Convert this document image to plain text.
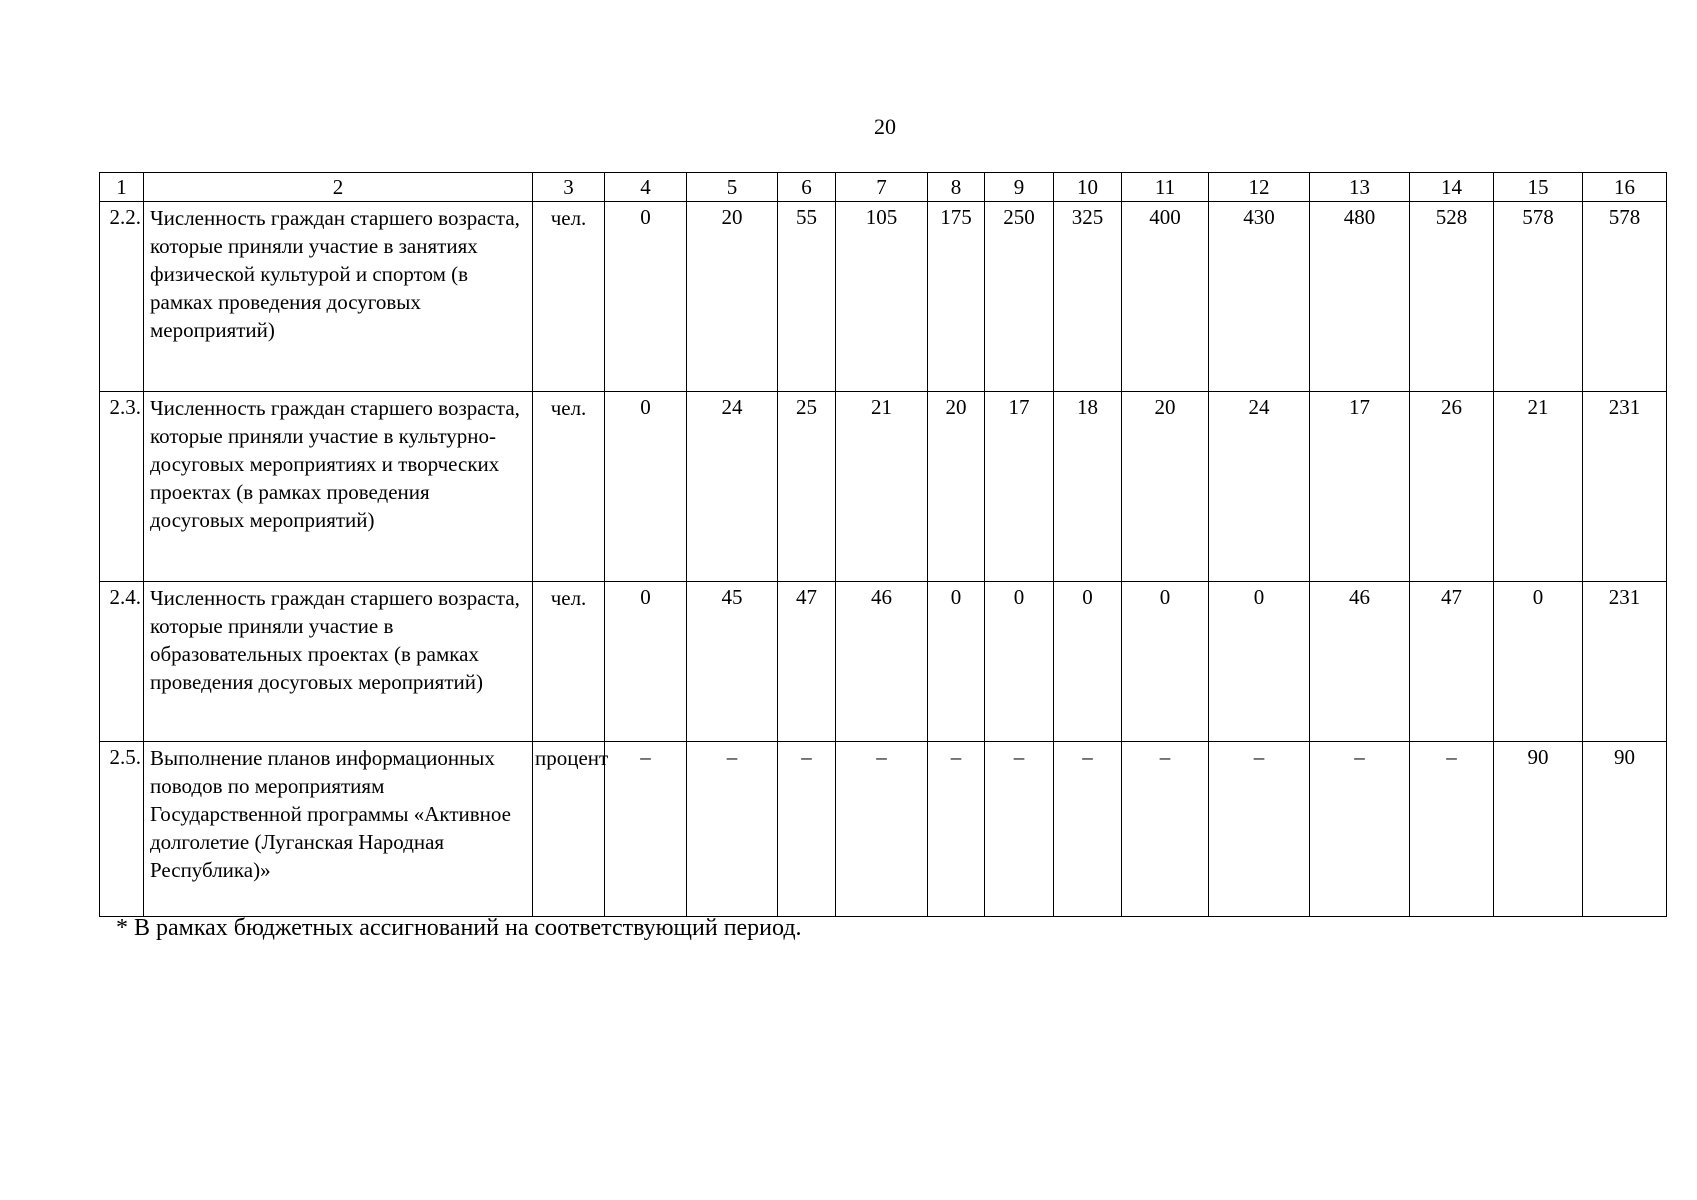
20
1	2	3	4	5	6	7	8	9	10	11	12	13	14	15	16
2.2.	Численность граждан старшего возраста, которые приняли участие в занятиях физической культурой и спортом (в рамках проведения досуговых мероприятий)	чел.	0	20	55	105	175	250	325	400	430	480	528	578	578
2.3.	Численность граждан старшего возраста, которые приняли участие в культурно-досуговых мероприятиях и творческих проектах (в рамках проведения досуговых мероприятий)	чел.	0	24	25	21	20	17	18	20	24	17	26	21	231
2.4.	Численность граждан старшего возраста, которые приняли участие в образовательных проектах (в рамках проведения досуговых мероприятий)	чел.	0	45	47	46	0	0	0	0	0	46	47	0	231
2.5.	Выполнение планов информационных поводов по мероприятиям Государственной программы «Активное долголетие (Луганская Народная Республика)»	процент	–	–	–	–	–	–	–	–	–	–	–	90	90
* В рамках бюджетных ассигнований на соответствующий период.
